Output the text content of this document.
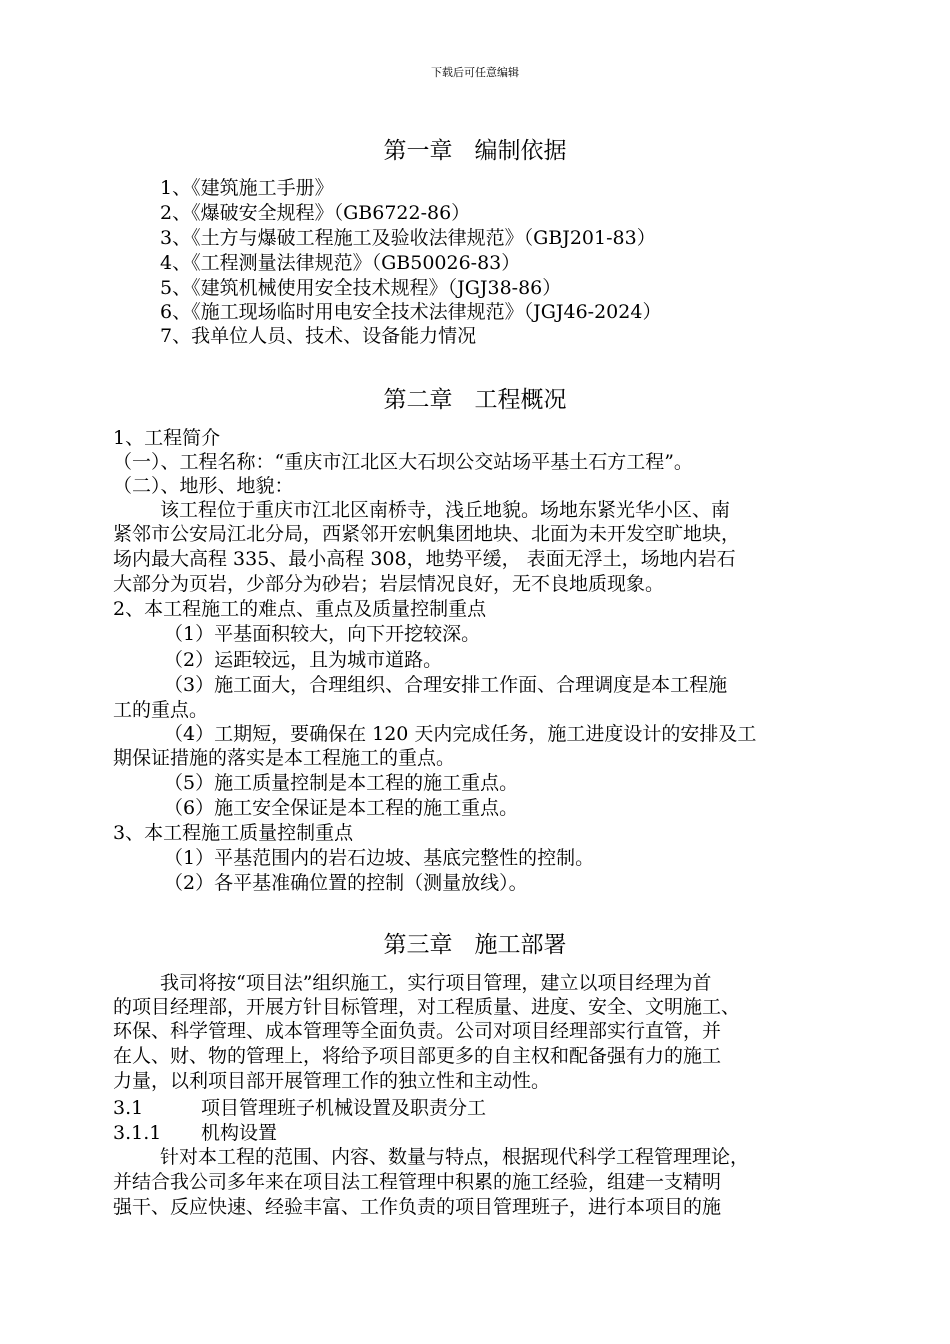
下载后可任意编辑
第一章 编制依据
1、《建筑施工手册》
2、《爆破安全规程》（GB6722-86）
3、《土方与爆破工程施工及验收法律规范》（GBJ201-83）
4、《工程测量法律规范》（GB50026-83）
5、《建筑机械使用安全技术规程》（JGJ38-86）
6、《施工现场临时用电安全技术法律规范》（JGJ46-2024）
7、我单位人员、技术、设备能力情况
第二章 工程概况
1、工程简介
（一）、工程名称：“重庆市江北区大石坝公交站场平基土石方工程”。
（二）、地形、地貌：
该工程位于重庆市江北区南桥寺，浅丘地貌。场地东紧光华小区、南
紧邻市公安局江北分局，西紧邻开宏帆集团地块、北面为未开发空旷地块，
场内最大高程 335、最小高程 308，地势平缓， 表面无浮土，场地内岩石
大部分为页岩，少部分为砂岩；岩层情况良好，无不良地质现象。
2、本工程施工的难点、重点及质量控制重点
（1）平基面积较大，向下开挖较深。
（2）运距较远，且为城市道路。
（3）施工面大，合理组织、合理安排工作面、合理调度是本工程施
工的重点。
（4）工期短，要确保在 120 天内完成任务，施工进度设计的安排及工
期保证措施的落实是本工程施工的重点。
（5）施工质量控制是本工程的施工重点。
（6）施工安全保证是本工程的施工重点。
3、本工程施工质量控制重点
（1）平基范围内的岩石边坡、基底完整性的控制。
（2）各平基准确位置的控制（测量放线）。
第三章 施工部署
我司将按“项目法”组织施工，实行项目管理，建立以项目经理为首
的项目经理部，开展方针目标管理，对工程质量、进度、安全、文明施工、
环保、科学管理、成本管理等全面负责。公司对项目经理部实行直管，并
在人、财、物的管理上，将给予项目部更多的自主权和配备强有力的施工
力量，以利项目部开展管理工作的独立性和主动性。
3.1	项目管理班子机械设置及职责分工
3.1.1 机构设置
针对本工程的范围、内容、数量与特点，根据现代科学工程管理理论，
并结合我公司多年来在项目法工程管理中积累的施工经验，组建一支精明
强干、反应快速、经验丰富、工作负责的项目管理班子，进行本项目的施
